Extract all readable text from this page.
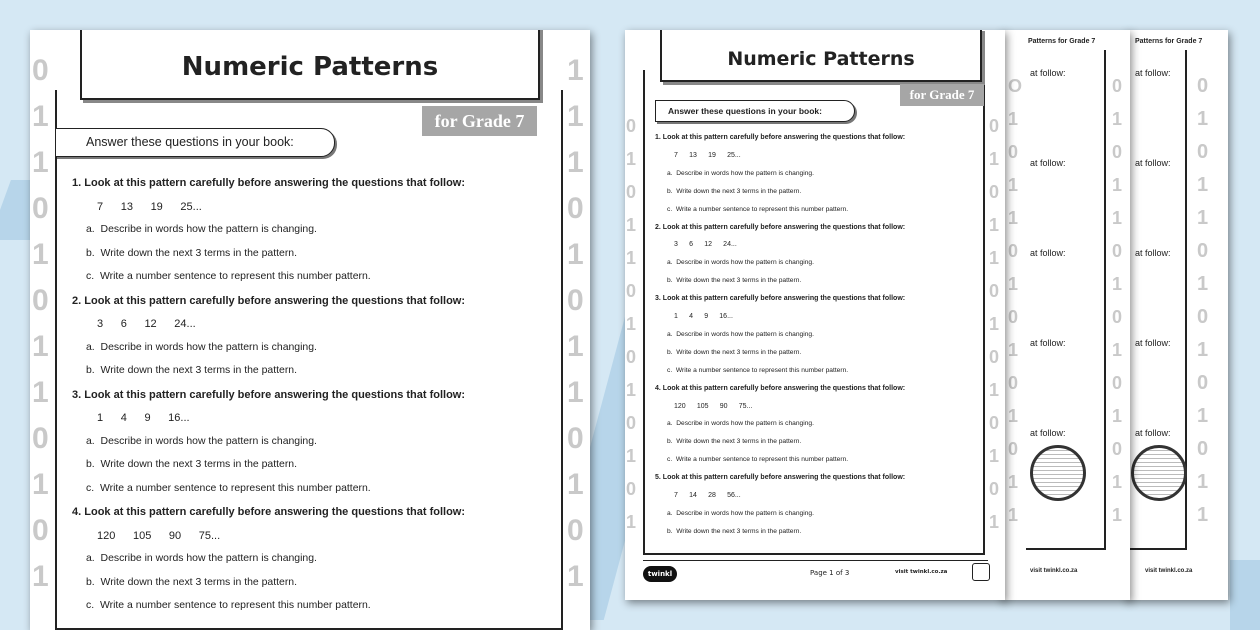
0
1
0
1
1
0
1
0
1
0
1
0
1
1
Patterns for Grade 7
at follow:
at follow:
at follow:
at follow:
at follow:
visit twinkl.co.za
O
1
0
1
1
0
1
0
1
0
1
0
1
1
0
1
0
1
1
0
1
0
1
0
1
0
1
1
Patterns for Grade 7
at follow:
at follow:
at follow:
at follow:
at follow:
visit twinkl.co.za
0
1
0
1
1
0
1
0
1
0
1
0
1
0
1
0
1
1
0
1
0
1
0
1
0
1
Numeric Patterns
for Grade 7
Answer these questions in your book:
1. Look at this pattern carefully before answering the questions that follow:
7 13 19 25...
a. Describe in words how the pattern is changing.
b. Write down the next 3 terms in the pattern.
c. Write a number sentence to represent this number pattern.
2. Look at this pattern carefully before answering the questions that follow:
3 6 12 24...
a. Describe in words how the pattern is changing.
b. Write down the next 3 terms in the pattern.
3. Look at this pattern carefully before answering the questions that follow:
1 4 9 16...
a. Describe in words how the pattern is changing.
b. Write down the next 3 terms in the pattern.
c. Write a number sentence to represent this number pattern.
4. Look at this pattern carefully before answering the questions that follow:
120 105 90 75...
a. Describe in words how the pattern is changing.
b. Write down the next 3 terms in the pattern.
c. Write a number sentence to represent this number pattern.
5. Look at this pattern carefully before answering the questions that follow:
7 14 28 56...
a. Describe in words how the pattern is changing.
b. Write down the next 3 terms in the pattern.
twinkl	Page 1 of 3	visit twinkl.co.za
0
1
1
0
1
0
1
1
0
1
0
1
1
1
1
0
1
0
1
1
0
1
0
1
Numeric Patterns
for Grade 7
Answer these questions in your book:
1. Look at this pattern carefully before answering the questions that follow:
7 13 19 25...
a. Describe in words how the pattern is changing.
b. Write down the next 3 terms in the pattern.
c. Write a number sentence to represent this number pattern.
2. Look at this pattern carefully before answering the questions that follow:
3 6 12 24...
a. Describe in words how the pattern is changing.
b. Write down the next 3 terms in the pattern.
3. Look at this pattern carefully before answering the questions that follow:
1 4 9 16...
a. Describe in words how the pattern is changing.
b. Write down the next 3 terms in the pattern.
c. Write a number sentence to represent this number pattern.
4. Look at this pattern carefully before answering the questions that follow:
120 105 90 75...
a. Describe in words how the pattern is changing.
b. Write down the next 3 terms in the pattern.
c. Write a number sentence to represent this number pattern.
